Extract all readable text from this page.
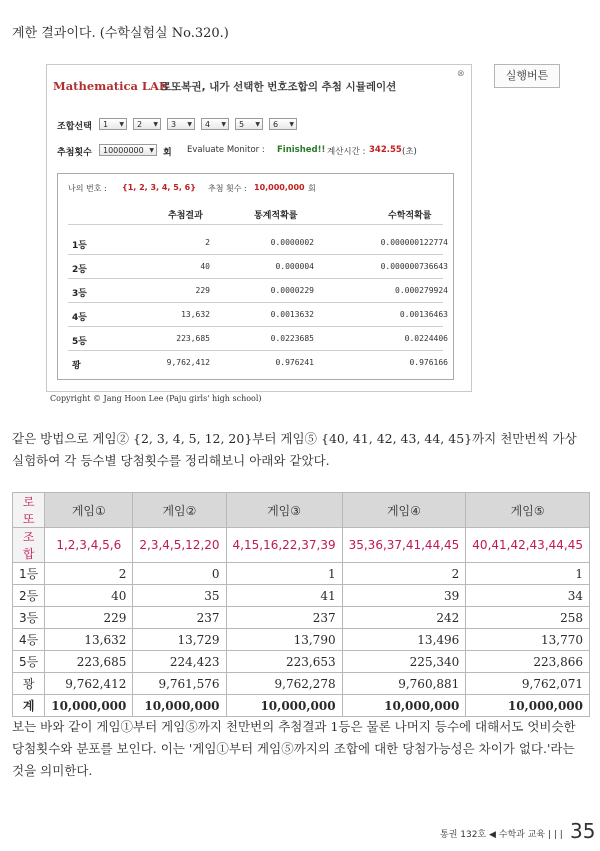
계한 결과이다. (수학실험실 No.320.)
Mathematica LAB
로또복권, 내가 선택한 번호조합의 추첨 시뮬레이션
⊗
조합선택	1 ▼	2 ▼	3 ▼	4 ▼	5 ▼	6 ▼
추첨횟수	10000000 ▼ 회 Evaluate Monitor : Finished!! 계산시간 : 342.55 (초)
나의 번호 : {1, 2, 3, 4, 5, 6} 추첨 횟수 : 10,000,000 회
추첨결과	통계적확률	수학적확률
1등	2	0.0000002	0.000000122774
2등	40	0.000004	0.000000736643
3등	229	0.0000229	0.000279924
4등	13,632	0.0013632	0.00136463
5등	223,685	0.0223685	0.0224406
꽝	9,762,412	0.976241	0.976166
Copyright © Jang Hoon Lee (Paju girls' high school)
실행버튼
같은 방법으로 게임② {2, 3, 4, 5, 12, 20}부터 게임⑤ {40, 41, 42, 43, 44, 45}까지 천만번씩 가상 실험하여 각 등수별 당첨횟수를 정리해보니 아래와 같았다.
로또	게임①	게임②	게임③	게임④	게임⑤
조합	1,2,3,4,5,6	2,3,4,5,12,20	4,15,16,22,37,39	35,36,37,41,44,45	40,41,42,43,44,45
1등	2	0	1	2	1
2등	40	35	41	39	34
3등	229	237	237	242	258
4등	13,632	13,729	13,790	13,496	13,770
5등	223,685	224,423	223,653	225,340	223,866
꽝	9,762,412	9,761,576	9,762,278	9,760,881	9,762,071
계	10,000,000	10,000,000	10,000,000	10,000,000	10,000,000
보는 바와 같이 게임①부터 게임⑤까지 천만번의 추첨결과 1등은 물론 나머지 등수에 대해서도 엇비슷한 당첨횟수와 분포를 보인다. 이는 '게임①부터 게임⑤까지의 조합에 대한 당첨가능성은 차이가 없다.'라는 것을 의미한다.
통권 132호 ◀ 수학과 교육 | | | 35
